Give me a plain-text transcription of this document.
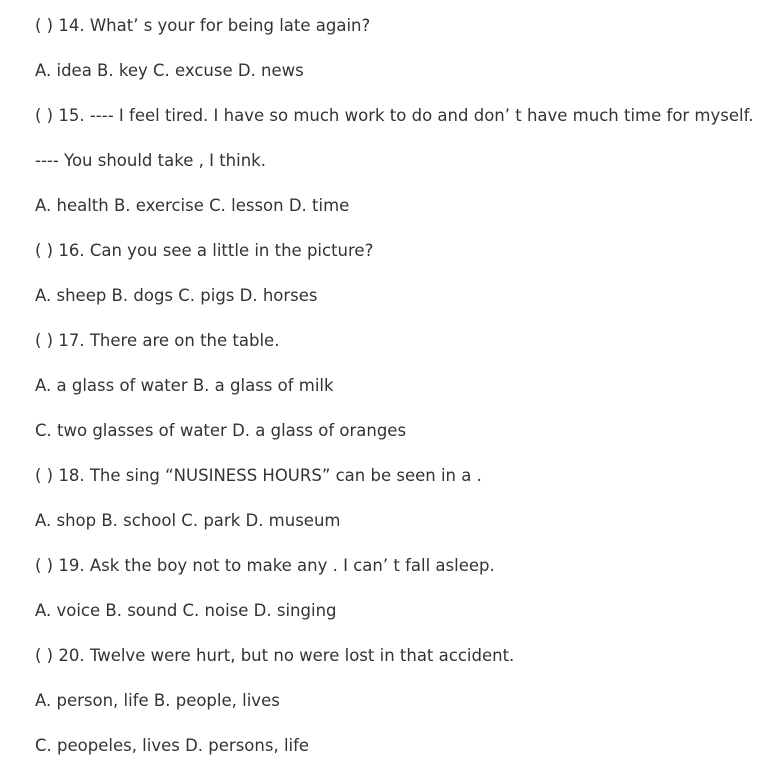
( ) 14. What’ s your for being late again?
A. idea B. key C. excuse D. news
( ) 15. ---- I feel tired. I have so much work to do and don’ t have much time for myself.
---- You should take , I think.
A. health B. exercise C. lesson D. time
( ) 16. Can you see a little in the picture?
A. sheep B. dogs C. pigs D. horses
( ) 17. There are on the table.
A. a glass of water B. a glass of milk
C. two glasses of water D. a glass of oranges
( ) 18. The sing “NUSINESS HOURS” can be seen in a .
A. shop B. school C. park D. museum
( ) 19. Ask the boy not to make any . I can’ t fall asleep.
A. voice B. sound C. noise D. singing
( ) 20. Twelve were hurt, but no were lost in that accident.
A. person, life B. people, lives
C. peopeles, lives D. persons, life
